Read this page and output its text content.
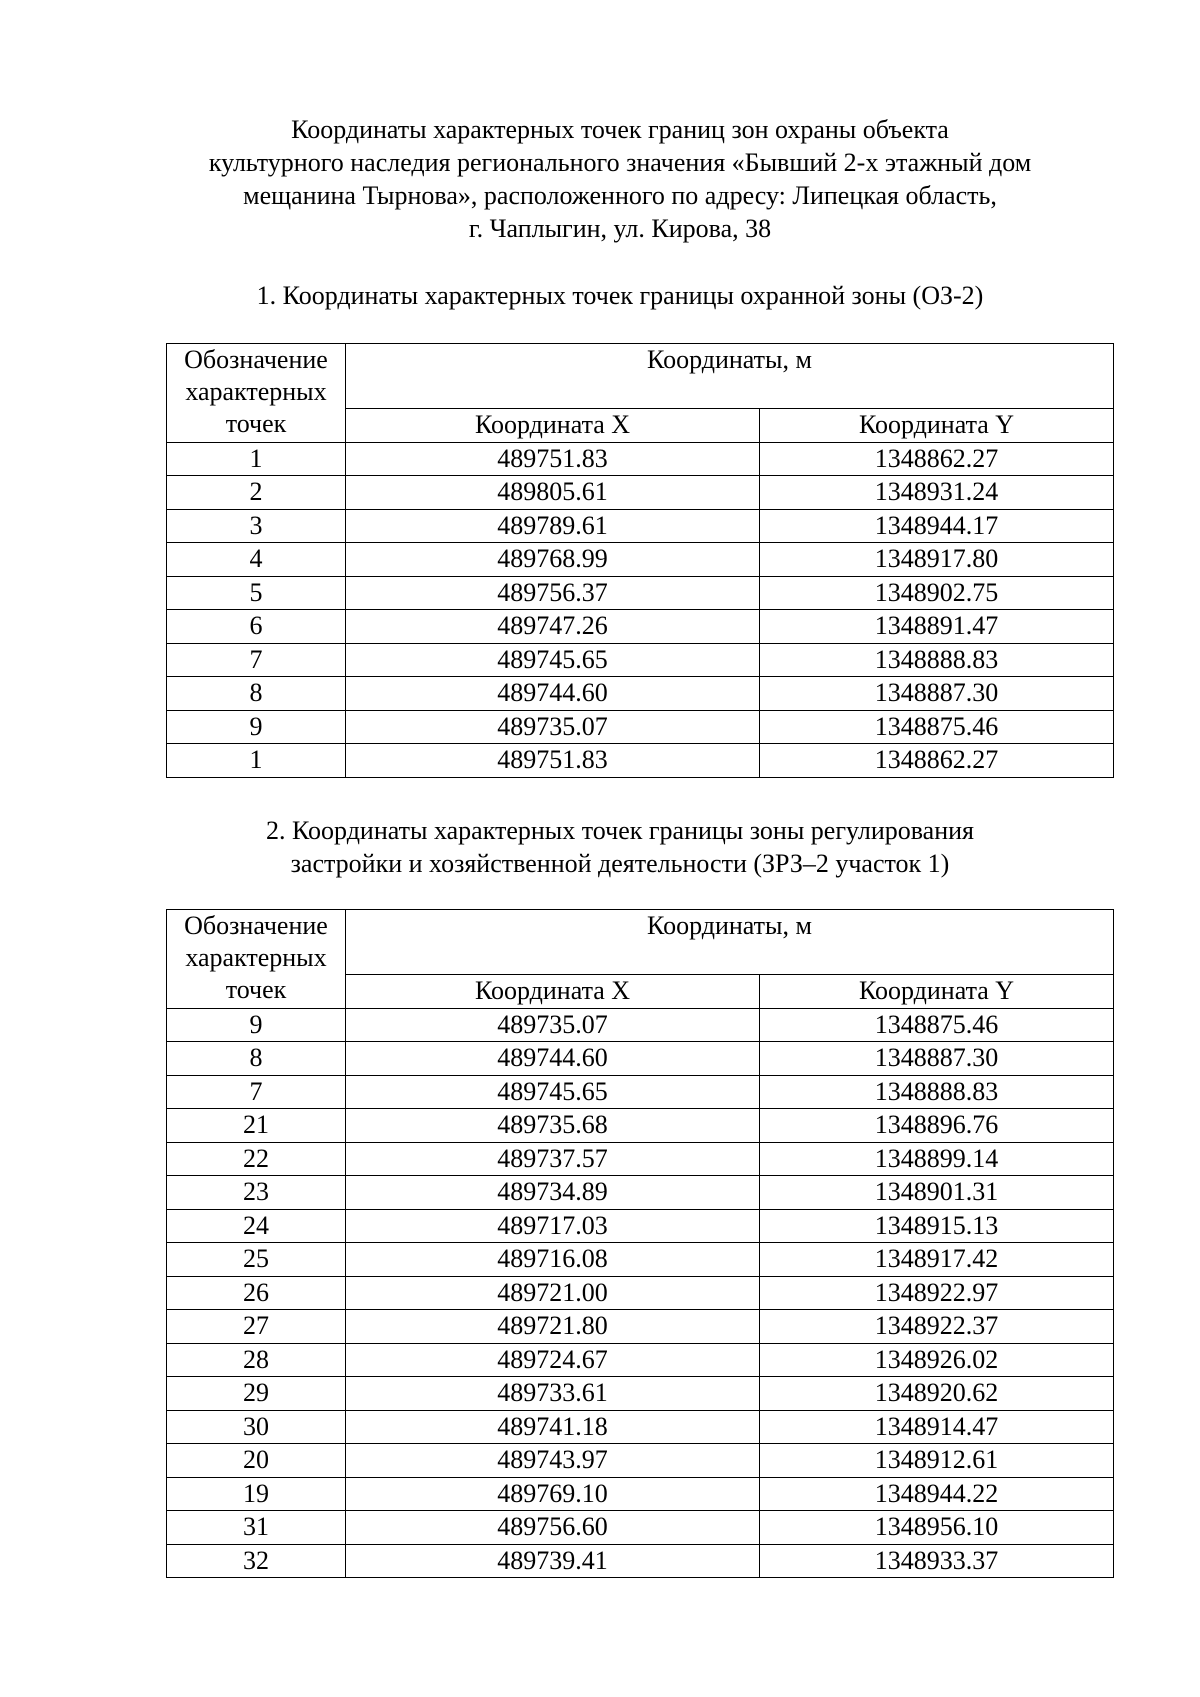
Координаты характерных точек границ зон охраны объекта
культурного наследия регионального значения «Бывший 2-х этажный дом
мещанина Тырнова», расположенного по адресу: Липецкая область,
г. Чаплыгин, ул. Кирова, 38
1. Координаты характерных точек границы охранной зоны (ОЗ-2)
Обозначение характерных точек	Координаты, м	
	Координата X	Координата Y
1	489751.83	1348862.27
2	489805.61	1348931.24
3	489789.61	1348944.17
4	489768.99	1348917.80
5	489756.37	1348902.75
6	489747.26	1348891.47
7	489745.65	1348888.83
8	489744.60	1348887.30
9	489735.07	1348875.46
1	489751.83	1348862.27
2. Координаты характерных точек границы зоны регулирования
застройки и хозяйственной деятельности (ЗРЗ–2 участок 1)
Обозначение характерных точек	Координаты, м	
	Координата X	Координата Y
9	489735.07	1348875.46
8	489744.60	1348887.30
7	489745.65	1348888.83
21	489735.68	1348896.76
22	489737.57	1348899.14
23	489734.89	1348901.31
24	489717.03	1348915.13
25	489716.08	1348917.42
26	489721.00	1348922.97
27	489721.80	1348922.37
28	489724.67	1348926.02
29	489733.61	1348920.62
30	489741.18	1348914.47
20	489743.97	1348912.61
19	489769.10	1348944.22
31	489756.60	1348956.10
32	489739.41	1348933.37
